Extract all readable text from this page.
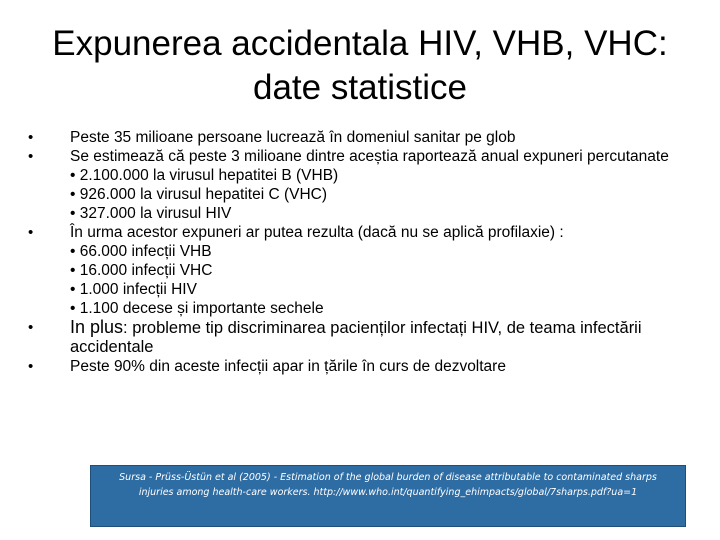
Expunerea accidentala HIV, VHB, VHC:
date statistice
• Peste 35 milioane persoane lucrează în domeniul sanitar pe glob
• Se estimează că peste 3 milioane dintre aceștia raportează anual expuneri percutanate
• 2.100.000 la virusul hepatitei B (VHB)
• 926.000 la virusul hepatitei C (VHC)
• 327.000 la virusul HIV
• În urma acestor expuneri ar putea rezulta (dacă nu se aplică profilaxie) :
• 66.000 infecții VHB
• 16.000 infecții VHC
• 1.000 infecții HIV
• 1.100 decese și importante sechele
• In plus: probleme tip discriminarea pacienților infectați HIV, de teama infectării accidentale
• Peste 90% din aceste infecții apar in țările în curs de dezvoltare
Sursa - Prüss-Üstün et al (2005) - Estimation of the global burden of disease attributable to contaminated sharps
injuries among health-care workers. http://www.who.int/quantifying_ehimpacts/global/7sharps.pdf?ua=1
